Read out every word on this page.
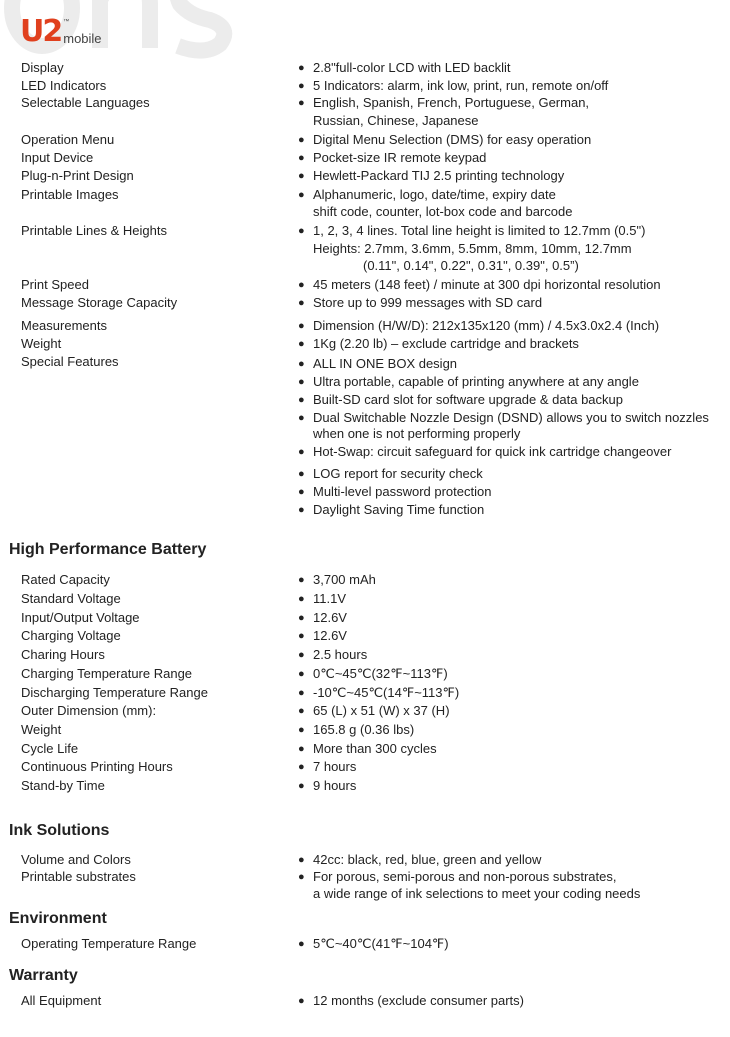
U2 ™
mobile
Display	● 2.8"full-color LCD with LED backlit
LED Indicators	● 5 Indicators: alarm, ink low, print, run, remote on/off
Selectable Languages	● English, Spanish, French, Portuguese, German,
Russian, Chinese, Japanese
Operation Menu	● Digital Menu Selection (DMS) for easy operation
Input Device	● Pocket-size IR remote keypad
Plug-n-Print Design	● Hewlett-Packard TIJ 2.5 printing technology
Printable Images	● Alphanumeric, logo, date/time, expiry date
shift code, counter, lot-box code and barcode
Printable Lines & Heights	● 1, 2, 3, 4 lines. Total line height is limited to 12.7mm (0.5")
Heights: 2.7mm, 3.6mm, 5.5mm, 8mm, 10mm, 12.7mm
(0.11", 0.14", 0.22", 0.31", 0.39", 0.5”)
Print Speed	● 45 meters (148 feet) / minute at 300 dpi horizontal resolution
Message Storage Capacity	● Store up to 999 messages with SD card
Measurements	● Dimension (H/W/D): 212x135x120 (mm) / 4.5x3.0x2.4 (Inch)
Weight	● 1Kg (2.20 lb) – exclude cartridge and brackets
Special Features	● ALL IN ONE BOX design
● Ultra portable, capable of printing anywhere at any angle
● Built-SD card slot for software upgrade & data backup
● Dual Switchable Nozzle Design (DSND) allows you to switch nozzles
when one is not performing properly
● Hot-Swap: circuit safeguard for quick ink cartridge changeover
● LOG report for security check
● Multi-level password protection
● Daylight Saving Time function
High Performance Battery
Rated Capacity	● 3,700 mAh
Standard Voltage	● 11.1V
Input/Output Voltage	● 12.6V
Charging Voltage	● 12.6V
Charing Hours	● 2.5 hours
Charging Temperature Range	● 0℃~45℃(32℉~113℉)
Discharging Temperature Range	● -10℃~45℃(14℉~113℉)
Outer Dimension (mm):	● 65 (L) x 51 (W) x 37 (H)
Weight	● 165.8 g (0.36 lbs)
Cycle Life	● More than 300 cycles
Continuous Printing Hours	● 7 hours
Stand-by Time	● 9 hours
Ink Solutions
Volume and Colors	● 42cc: black, red, blue, green and yellow
Printable substrates	● For porous, semi-porous and non-porous substrates,
a wide range of ink selections to meet your coding needs
Environment
Operating Temperature Range	● 5℃~40℃(41℉~104℉)
Warranty
All Equipment	● 12 months (exclude consumer parts)
